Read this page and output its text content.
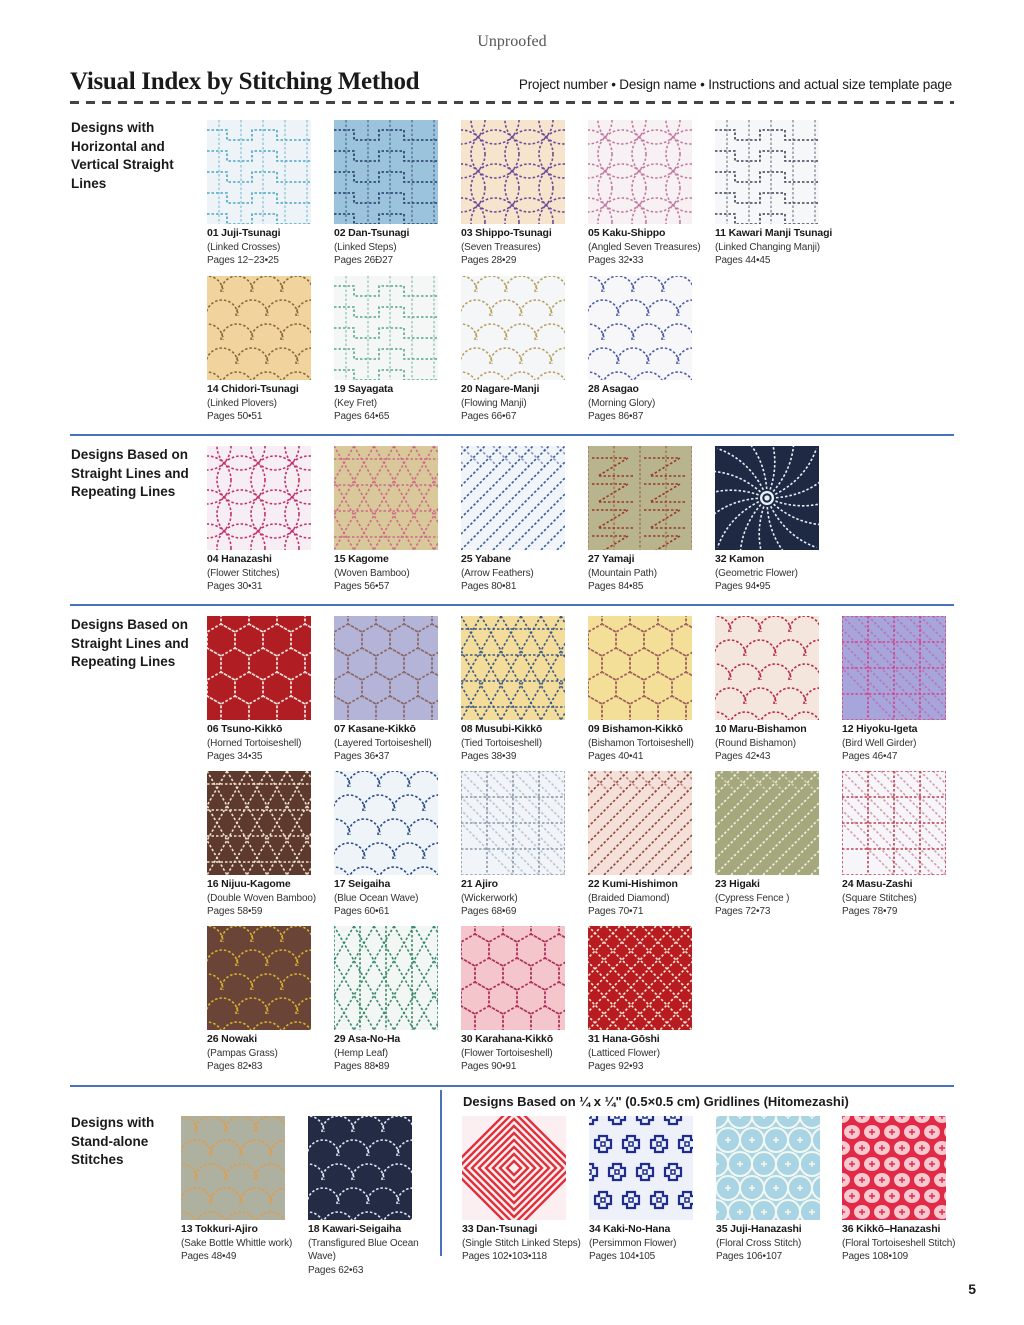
Unproofed
Visual Index by Stitching Method	Project number • Design name • Instructions and actual size template page
Designs with Horizontal and Vertical Straight Lines
Designs Based on Straight Lines and Repeating Lines
Designs Based on Straight Lines and Repeating Lines
Designs with Stand-alone Stitches
Designs Based on ¼ x ¼" (0.5×0.5 cm) Gridlines (Hitomezashi)
01 Juji-Tsunagi
(Linked Crosses)
Pages 12~23•25
02 Dan-Tsunagi
(Linked Steps)
Pages 26Ð27
03 Shippo-Tsunagi
(Seven Treasures)
Pages 28•29
05 Kaku-Shippo
(Angled Seven Treasures)
Pages 32•33
11 Kawari Manji Tsunagi
(Linked Changing Manji)
Pages 44•45
14 Chidori-Tsunagi
(Linked Plovers)
Pages 50•51
19 Sayagata
(Key Fret)
Pages 64•65
20 Nagare-Manji
(Flowing Manji)
Pages 66•67
28 Asagao
(Morning Glory)
Pages 86•87
04 Hanazashi
(Flower Stitches)
Pages 30•31
15 Kagome
(Woven Bamboo)
Pages 56•57
25 Yabane
(Arrow Feathers)
Pages 80•81
27 Yamaji
(Mountain Path)
Pages 84•85
32 Kamon
(Geometric Flower)
Pages 94•95
06 Tsuno-Kikkō
(Horned Tortoiseshell)
Pages 34•35
07 Kasane-Kikkō
(Layered Tortoiseshell)
Pages 36•37
08 Musubi-Kikkō
(Tied Tortoiseshell)
Pages 38•39
09 Bishamon-Kikkō
(Bishamon Tortoiseshell)
Pages 40•41
10 Maru-Bishamon
(Round Bishamon)
Pages 42•43
12 Hiyoku-Igeta
(Bird Well Girder)
Pages 46•47
16 Nijuu-Kagome
(Double Woven Bamboo)
Pages 58•59
17 Seigaiha
(Blue Ocean Wave)
Pages 60•61
21 Ajiro
(Wickerwork)
Pages 68•69
22 Kumi-Hishimon
(Braided Diamond)
Pages 70•71
23 Higaki
(Cypress Fence )
Pages 72•73
24 Masu-Zashi
(Square Stitches)
Pages 78•79
26 Nowaki
(Pampas Grass)
Pages 82•83
29 Asa-No-Ha
(Hemp Leaf)
Pages 88•89
30 Karahana-Kikkō
(Flower Tortoiseshell)
Pages 90•91
31 Hana-Gōshi
(Latticed Flower)
Pages 92•93
13 Tokkuri-Ajiro
(Sake Bottle Whittle work)
Pages 48•49
18 Kawari-Seigaiha
(Transfigured Blue Ocean Wave)
Pages 62•63
33 Dan-Tsunagi
(Single Stitch Linked Steps)
Pages 102•103•118
34 Kaki-No-Hana
(Persimmon Flower)
Pages 104•105
35 Juji-Hanazashi
(Floral Cross Stitch)
Pages 106•107
36 Kikkō–Hanazashi
(Floral Tortoiseshell Stitch)
Pages 108•109
5
